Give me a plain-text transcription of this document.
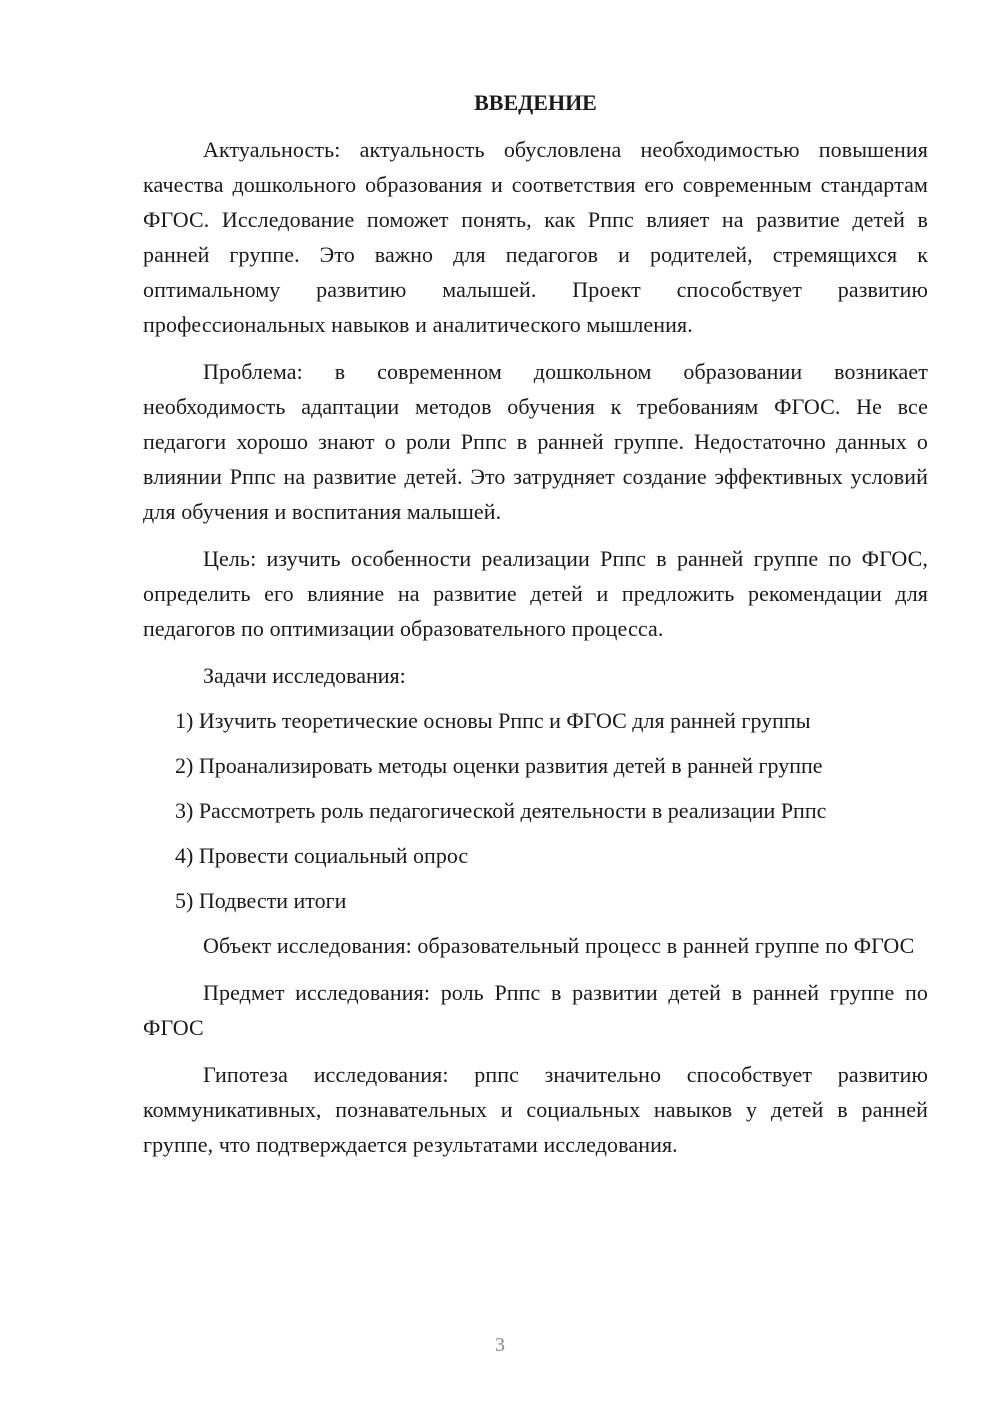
ВВЕДЕНИЕ

Актуальность: актуальность обусловлена необходимостью повышения качества дошкольного образования и соответствия его современным стандартам ФГОС. Исследование поможет понять, как Рппс влияет на развитие детей в ранней группе. Это важно для педагогов и родителей, стремящихся к оптимальному развитию малышей. Проект способствует развитию профессиональных навыков и аналитического мышления.

Проблема: в современном дошкольном образовании возникает необходимость адаптации методов обучения к требованиям ФГОС. Не все педагоги хорошо знают о роли Рппс в ранней группе. Недостаточно данных о влиянии Рппс на развитие детей. Это затрудняет создание эффективных условий для обучения и воспитания малышей.

Цель: изучить особенности реализации Рппс в ранней группе по ФГОС, определить его влияние на развитие детей и предложить рекомендации для педагогов по оптимизации образовательного процесса.

Задачи исследования:

1) Изучить теоретические основы Рппс и ФГОС для ранней группы
2) Проанализировать методы оценки развития детей в ранней группе
3) Рассмотреть роль педагогической деятельности в реализации Рппс
4) Провести социальный опрос
5) Подвести итоги

Объект исследования: образовательный процесс в ранней группе по ФГОС

Предмет исследования: роль Рппс в развитии детей в ранней группе по ФГОС

Гипотеза исследования: рппс значительно способствует развитию коммуникативных, познавательных и социальных навыков у детей в ранней группе, что подтверждается результатами исследования.

3
